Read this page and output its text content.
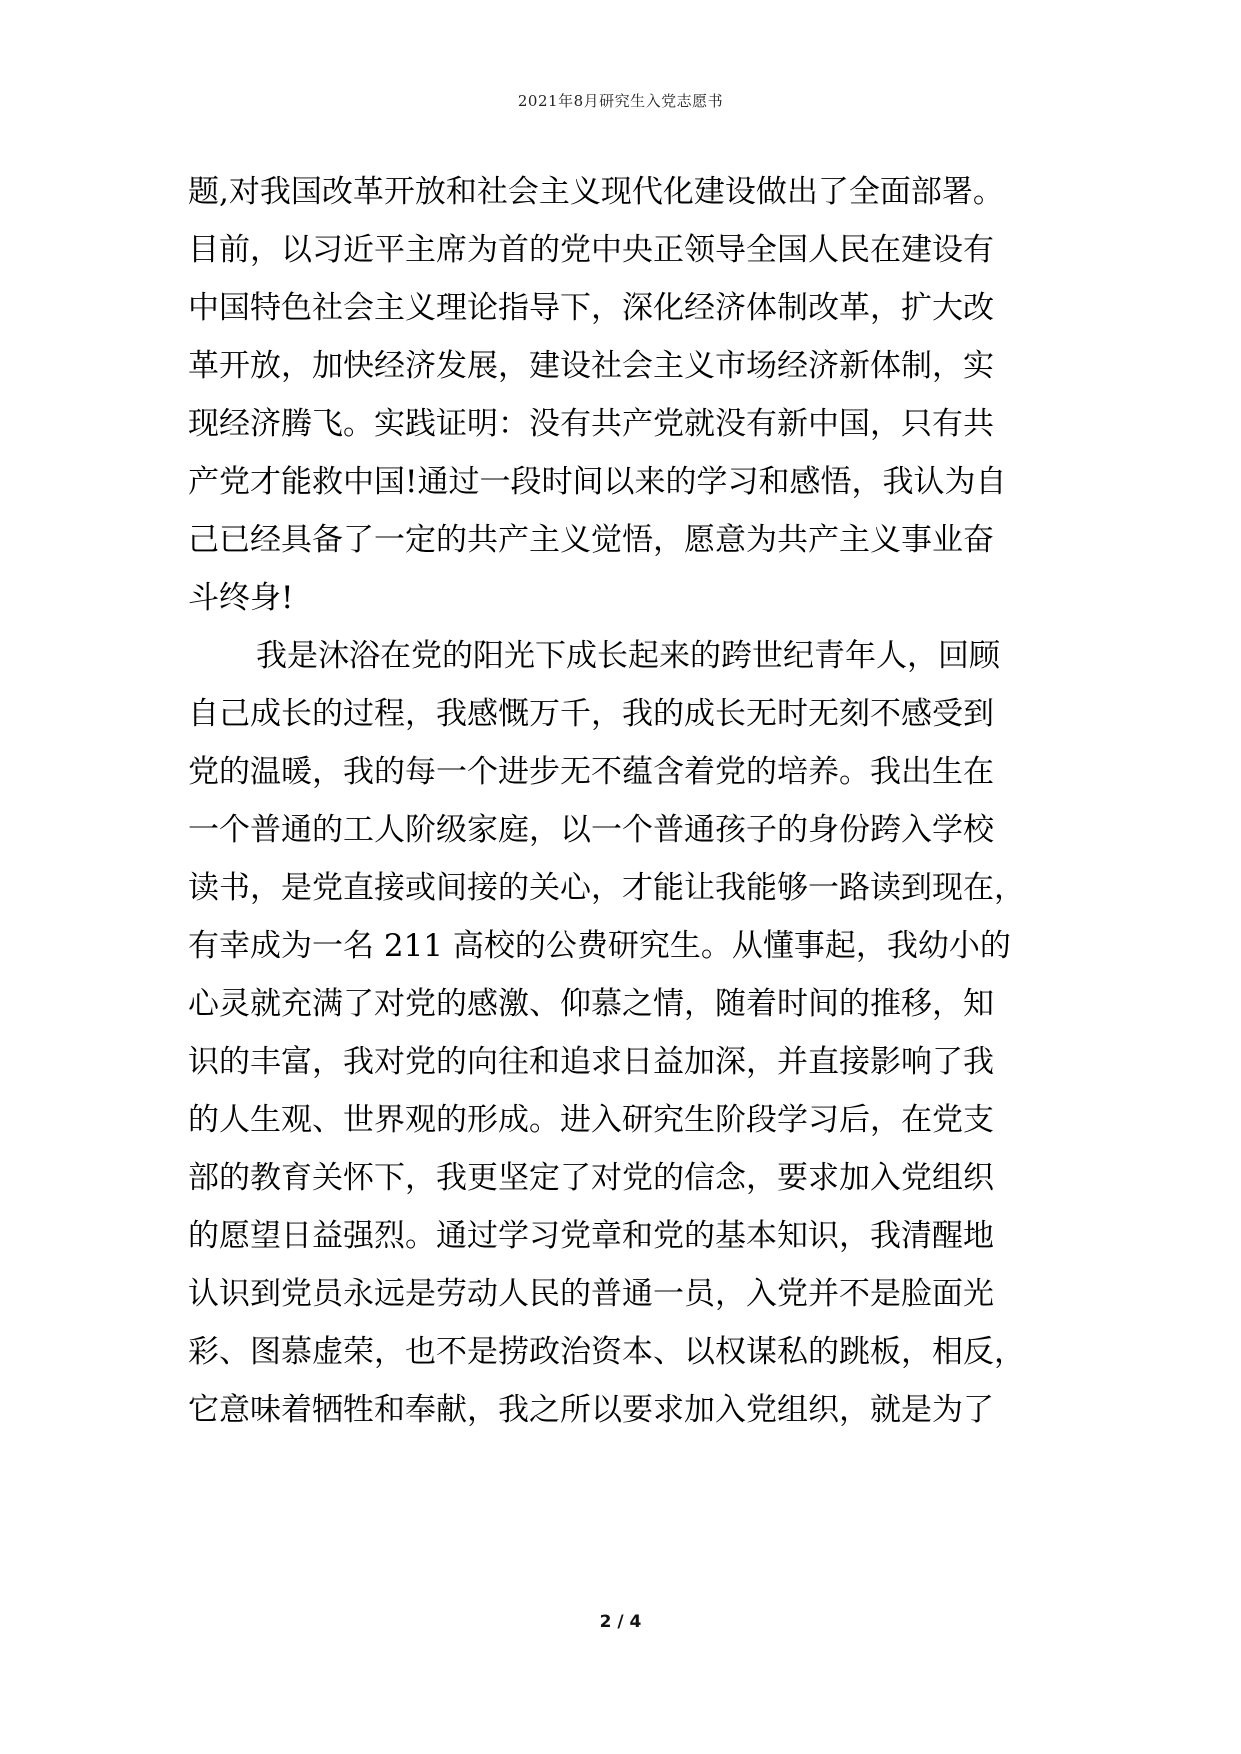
2021年8月研究生入党志愿书
题,对我国改革开放和社会主义现代化建设做出了全面部署。
目前，以习近平主席为首的党中央正领导全国人民在建设有
中国特色社会主义理论指导下，深化经济体制改革，扩大改
革开放，加快经济发展，建设社会主义市场经济新体制，实
现经济腾飞。实践证明：没有共产党就没有新中国，只有共
产党才能救中国!通过一段时间以来的学习和感悟，我认为自
己已经具备了一定的共产主义觉悟，愿意为共产主义事业奋
斗终身!
我是沐浴在党的阳光下成长起来的跨世纪青年人，回顾
自己成长的过程，我感慨万千，我的成长无时无刻不感受到
党的温暖，我的每一个进步无不蕴含着党的培养。我出生在
一个普通的工人阶级家庭，以一个普通孩子的身份跨入学校
读书，是党直接或间接的关心，才能让我能够一路读到现在，
有幸成为一名 211 高校的公费研究生。从懂事起，我幼小的
心灵就充满了对党的感激、仰慕之情，随着时间的推移，知
识的丰富，我对党的向往和追求日益加深，并直接影响了我
的人生观、世界观的形成。进入研究生阶段学习后，在党支
部的教育关怀下，我更坚定了对党的信念，要求加入党组织
的愿望日益强烈。通过学习党章和党的基本知识，我清醒地
认识到党员永远是劳动人民的普通一员，入党并不是脸面光
彩、图慕虚荣，也不是捞政治资本、以权谋私的跳板，相反，
它意味着牺牲和奉献，我之所以要求加入党组织，就是为了
2 / 4
